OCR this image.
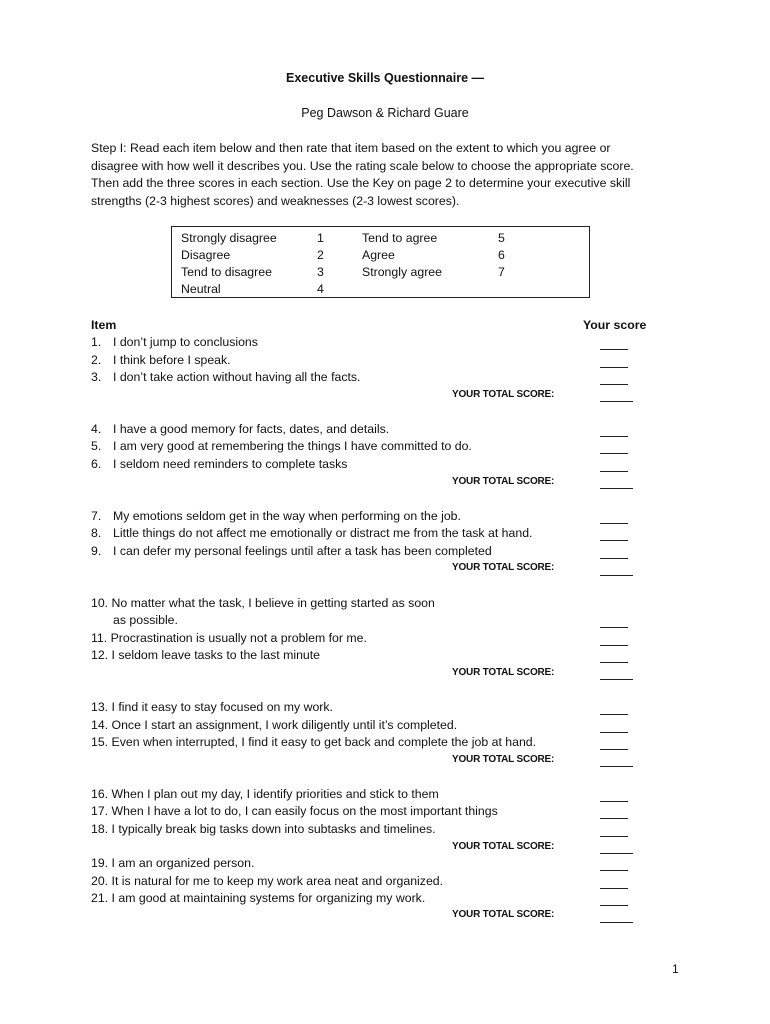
Executive Skills Questionnaire —
Peg Dawson & Richard Guare
Step I: Read each item below and then rate that item based on the extent to which you agree or
disagree with how well it describes you. Use the rating scale below to choose the appropriate score.
Then add the three scores in each section. Use the Key on page 2 to determine your executive skill
strengths (2-3 highest scores) and weaknesses (2-3 lowest scores).
Strongly disagree	1	Tend to agree	5
Disagree	2	Agree	6
Tend to disagree	3	Strongly agree	7
Neutral	4
Item	Your score
1. I don’t jump to conclusions
2. I think before I speak.
3. I don’t take action without having all the facts.
YOUR TOTAL SCORE:
4. I have a good memory for facts, dates, and details.
5. I am very good at remembering the things I have committed to do.
6. I seldom need reminders to complete tasks
YOUR TOTAL SCORE:
7. My emotions seldom get in the way when performing on the job.
8. Little things do not affect me emotionally or distract me from the task at hand.
9. I can defer my personal feelings until after a task has been completed
YOUR TOTAL SCORE:
10. No matter what the task, I believe in getting started as soon
as possible.
11. Procrastination is usually not a problem for me.
12. I seldom leave tasks to the last minute
YOUR TOTAL SCORE:
13. I find it easy to stay focused on my work.
14. Once I start an assignment, I work diligently until it’s completed.
15. Even when interrupted, I find it easy to get back and complete the job at hand.
YOUR TOTAL SCORE:
16. When I plan out my day, I identify priorities and stick to them
17. When I have a lot to do, I can easily focus on the most important things
18. I typically break big tasks down into subtasks and timelines.
YOUR TOTAL SCORE:
19. I am an organized person.
20. It is natural for me to keep my work area neat and organized.
21. I am good at maintaining systems for organizing my work.
YOUR TOTAL SCORE:
1
